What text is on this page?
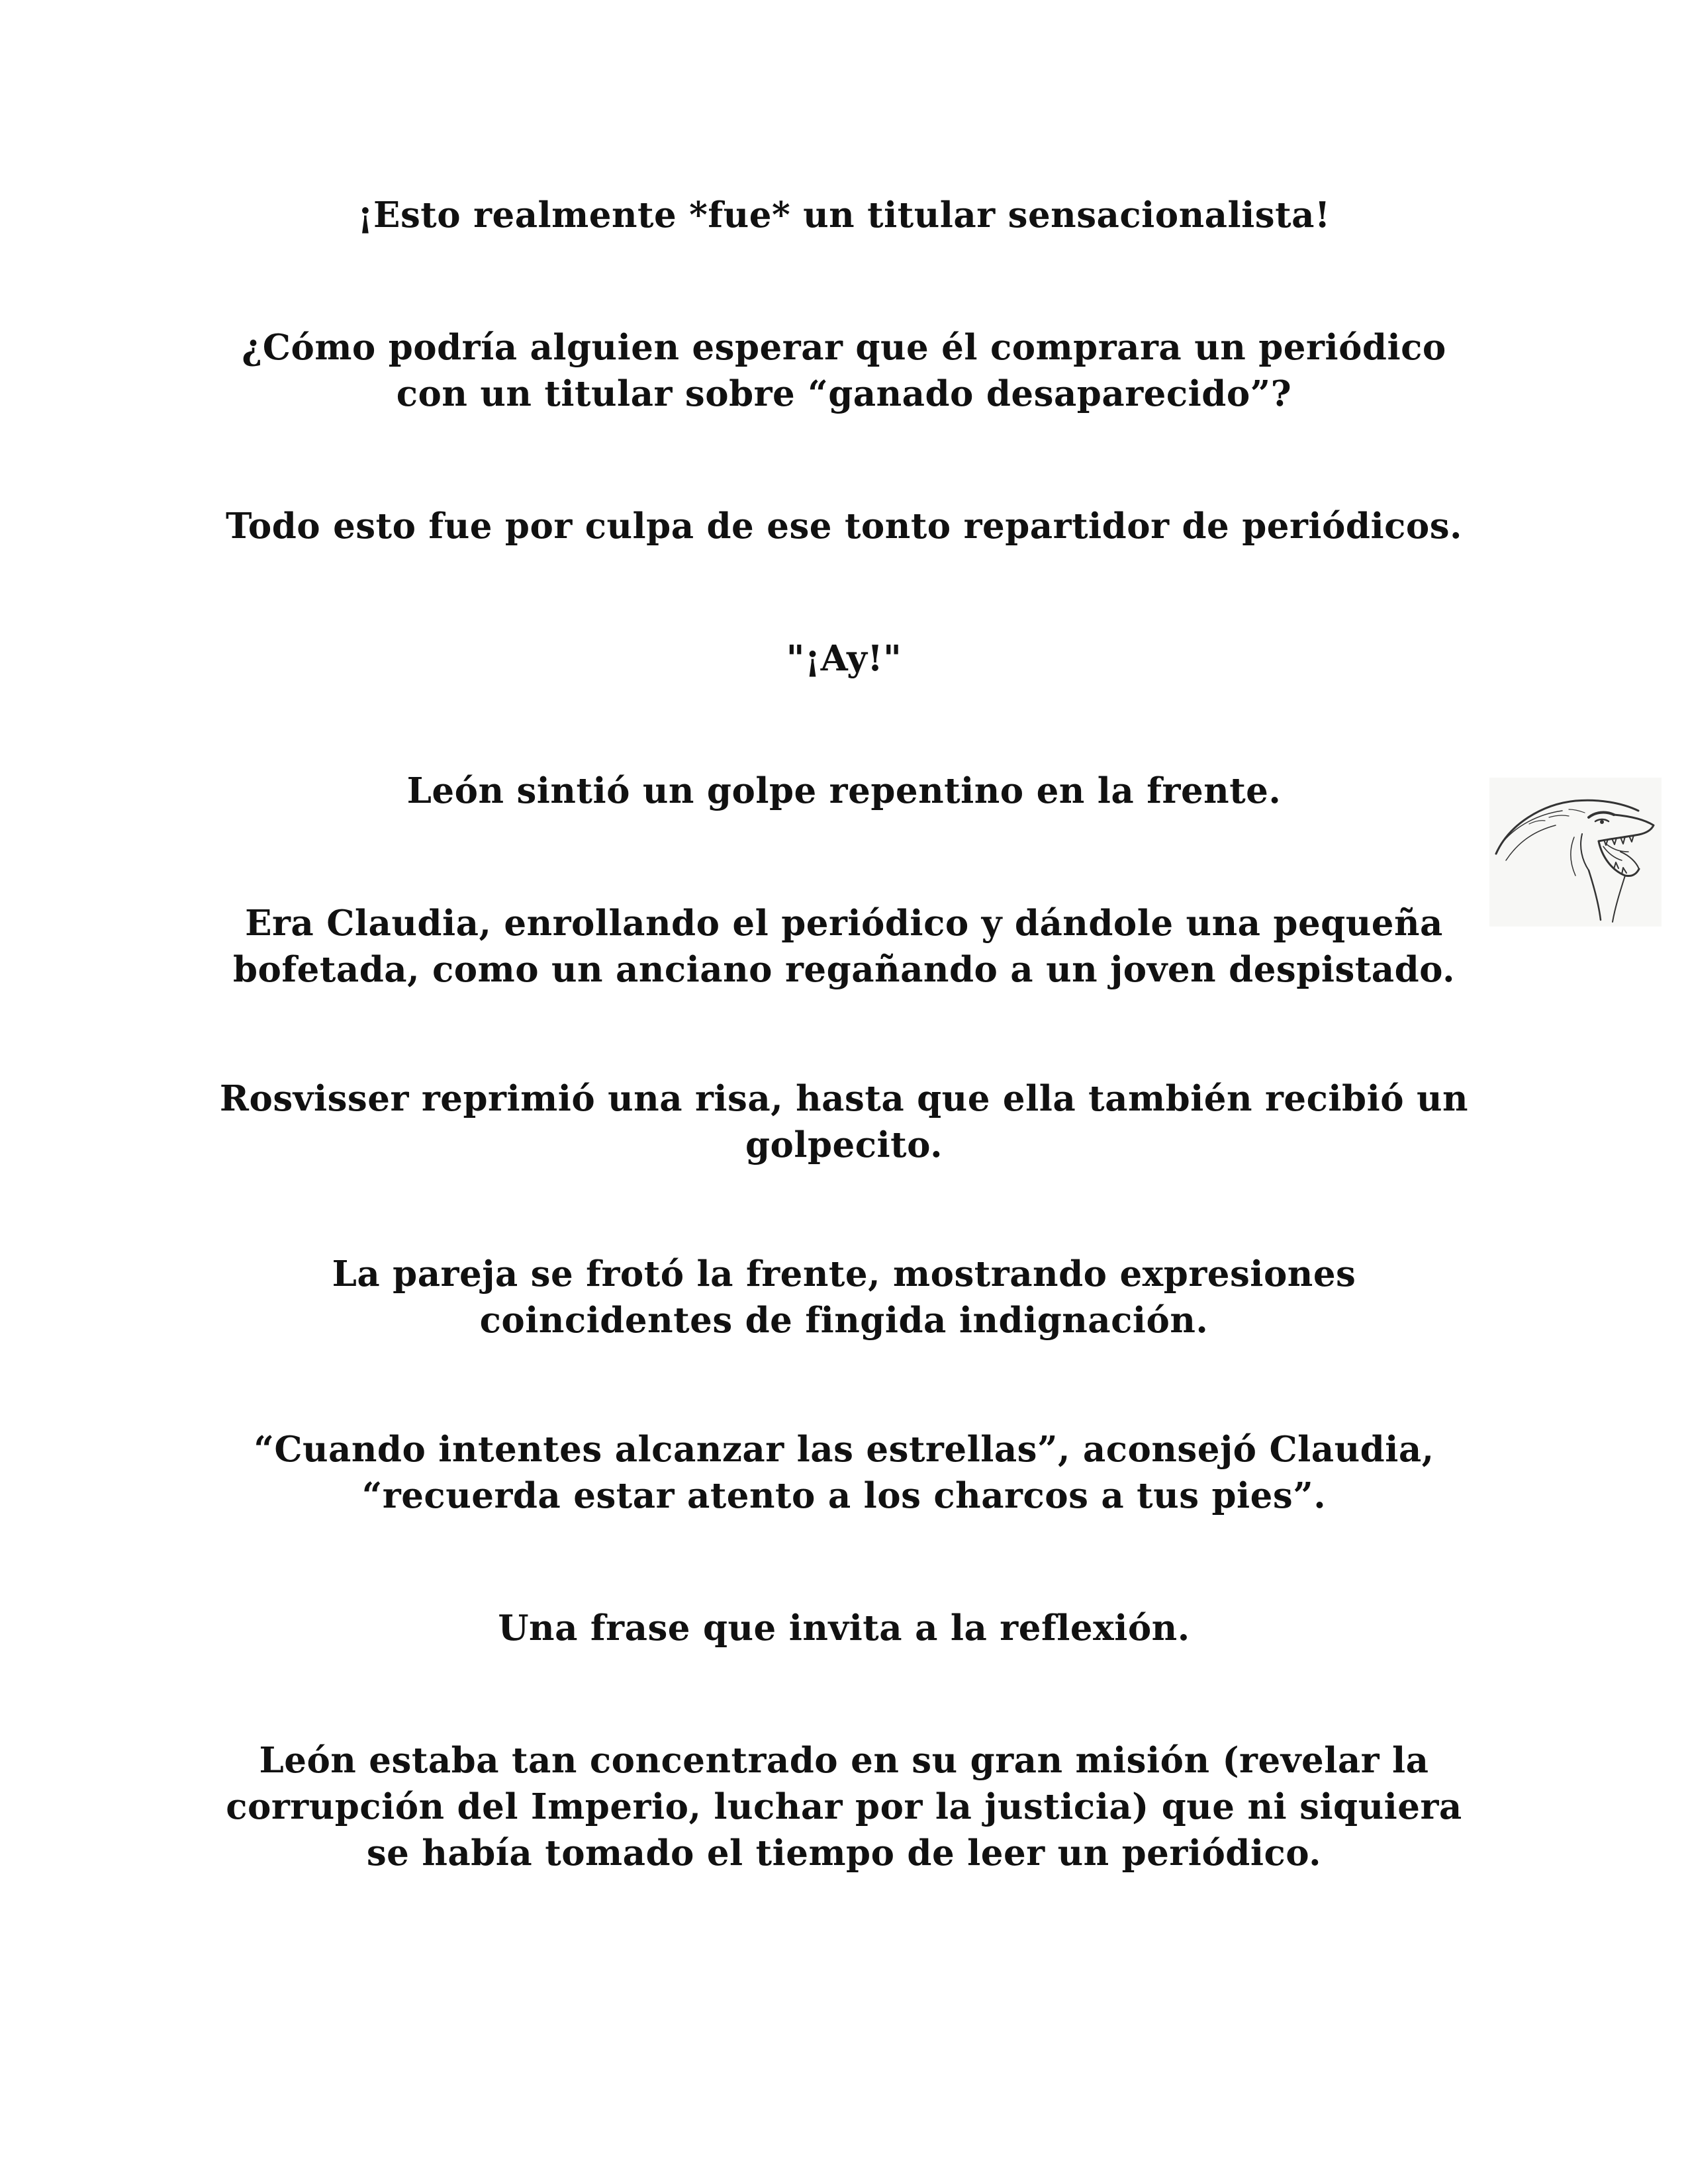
¡Esto realmente *fue* un titular sensacionalista!

¿Cómo podría alguien esperar que él comprara un periódico
con un titular sobre “ganado desaparecido”?

Todo esto fue por culpa de ese tonto repartidor de periódicos.

"¡Ay!"

León sintió un golpe repentino en la frente.

Era Claudia, enrollando el periódico y dándole una pequeña
bofetada, como un anciano regañando a un joven despistado.

Rosvisser reprimió una risa, hasta que ella también recibió un
golpecito.

La pareja se frotó la frente, mostrando expresiones
coincidentes de fingida indignación.

“Cuando intentes alcanzar las estrellas”, aconsejó Claudia,
“recuerda estar atento a los charcos a tus pies”.

Una frase que invita a la reflexión.

León estaba tan concentrado en su gran misión (revelar la
corrupción del Imperio, luchar por la justicia) que ni siquiera
se había tomado el tiempo de leer un periódico.
